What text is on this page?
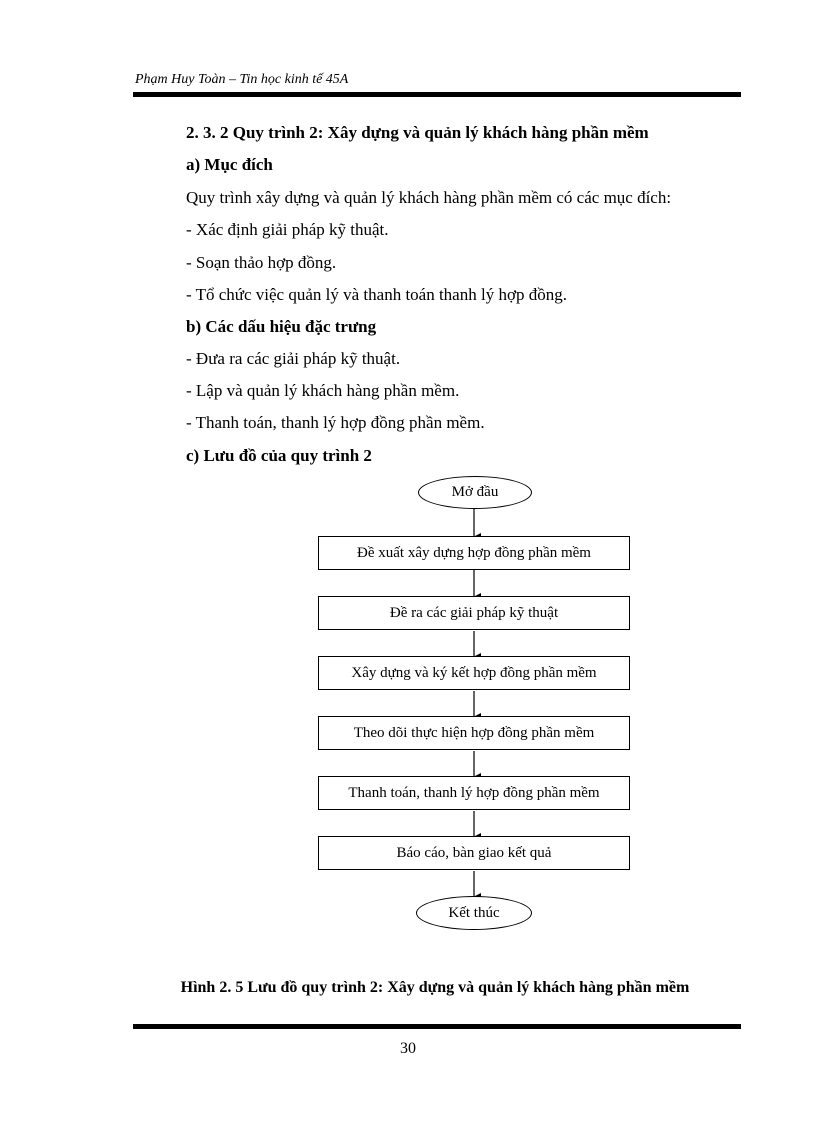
Phạm Huy Toàn – Tin học kinh tế 45A
2. 3. 2 Quy trình 2: Xây dựng và quản lý khách hàng phần mềm
a) Mục đích
Quy trình xây dựng và quản lý khách hàng phần mềm có các mục đích:
- Xác định giải pháp kỹ thuật.
- Soạn thảo hợp đồng.
- Tổ chức việc quản lý và thanh toán thanh lý hợp đồng.
b) Các dấu hiệu đặc trưng
- Đưa ra các giải pháp kỹ thuật.
- Lập và quản lý khách hàng phần mềm.
- Thanh toán, thanh lý hợp đồng phần mềm.
c) Lưu đồ của quy trình 2
Mở đầu
Đề xuất xây dựng hợp đồng phần mềm
Đề ra các giải pháp kỹ thuật
Xây dựng và ký kết hợp đồng phần mềm
Theo dõi thực hiện hợp đồng phần mềm
Thanh toán, thanh lý hợp đồng phần mềm
Báo cáo, bàn giao kết quả
Kết thúc
Hình 2. 5 Lưu đồ quy trình 2: Xây dựng và quản lý khách hàng phần mềm
30
